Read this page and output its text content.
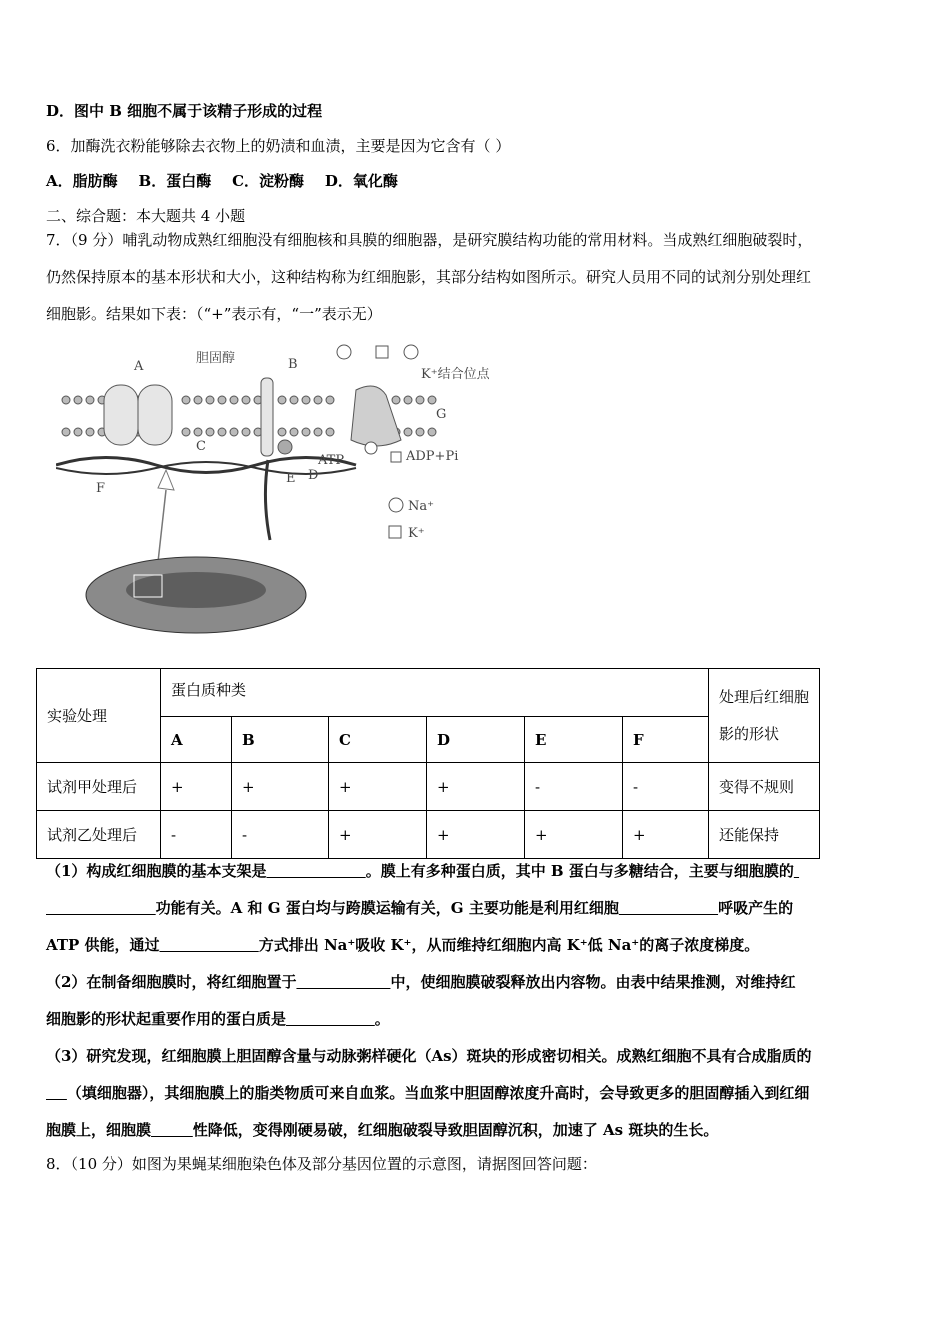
D．图中 B 细胞不属于该精子形成的过程
6．加酶洗衣粉能够除去衣物上的奶渍和血渍，主要是因为它含有（ ）
A．脂肪酶    B．蛋白酶    C．淀粉酶    D．氧化酶
二、综合题：本大题共 4 小题
7．（9 分）哺乳动物成熟红细胞没有细胞核和具膜的细胞器，是研究膜结构功能的常用材料。当成熟红细胞破裂时，
仍然保持原本的基本形状和大小，这种结构称为红细胞影，其部分结构如图所示。研究人员用不同的试剂分别处理红
细胞影。结果如下表：（“+”表示有，“一”表示无）
A
胆固醇	B
K⁺结合位点
G
C
ATP	ADP+Pi
E D
F
Na⁺
K⁺
实验处理	蛋白质种类						处理后红细胞影的形状
	A	B	C	D	E	F	
试剂甲处理后	+	+	+	+	-	-	变得不规则
试剂乙处理后	-	-	+	+	+	+	还能保持
（1）构成红细胞膜的基本支架是	。膜上有多种蛋白质，其中 B 蛋白与多糖结合，主要与细胞膜的
功能有关。A 和 G 蛋白均与跨膜运输有关，G 主要功能是利用红细胞	呼吸产生的
ATP 供能，通过	方式排出 Na⁺吸收 K⁺，从而维持红细胞内高 K⁺低 Na⁺的离子浓度梯度。
（2）在制备细胞膜时，将红细胞置于	中，使细胞膜破裂释放出内容物。由表中结果推测，对维持红
细胞影的形状起重要作用的蛋白质是	。
（3）研究发现，红细胞膜上胆固醇含量与动脉粥样硬化（As）斑块的形成密切相关。成熟红细胞不具有合成脂质的
（填细胞器），其细胞膜上的脂类物质可来自血浆。当血浆中胆固醇浓度升高时，会导致更多的胆固醇插入到红细
胞膜上，细胞膜	性降低，变得刚硬易破，红细胞破裂导致胆固醇沉积，加速了 As 斑块的生长。
8．（10 分）如图为果蝇某细胞染色体及部分基因位置的示意图，请据图回答问题：
